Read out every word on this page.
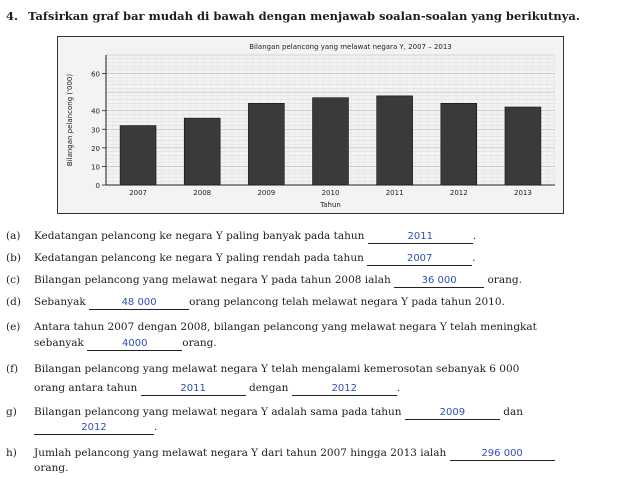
4. Tafsirkan graf bar mudah di bawah dengan menjawab soalan-soalan yang berikutnya.
0
10
20
30
40
60
2007	2008	2009	2010	2011	2012	2013
Bilangan pelancong yang melawat negara Y, 2007 – 2013
Tahun
Bilangan pelancong ('000)
(a) Kedatangan pelancong ke negara Y paling banyak pada tahun	2011	.
(b) Kedatangan pelancong ke negara Y paling rendah pada tahun	2007	.
(c) Bilangan pelancong yang melawat negara Y pada tahun 2008 ialah	36 000	orang.
(d) Sebanyak	48 000	orang pelancong telah melawat negara Y pada tahun 2010.
(e) Antara tahun 2007 dengan 2008, bilangan pelancong yang melawat negara Y telah meningkat
sebanyak	4000	orang.
(f) Bilangan pelancong yang melawat negara Y telah mengalami kemerosotan sebanyak 6 000
orang antara tahun	2011	dengan	2012	.
g) Bilangan pelancong yang melawat negara Y adalah sama pada tahun	2009	dan
2012	.
h) Jumlah pelancong yang melawat negara Y dari tahun 2007 hingga 2013 ialah	296 000
orang.
